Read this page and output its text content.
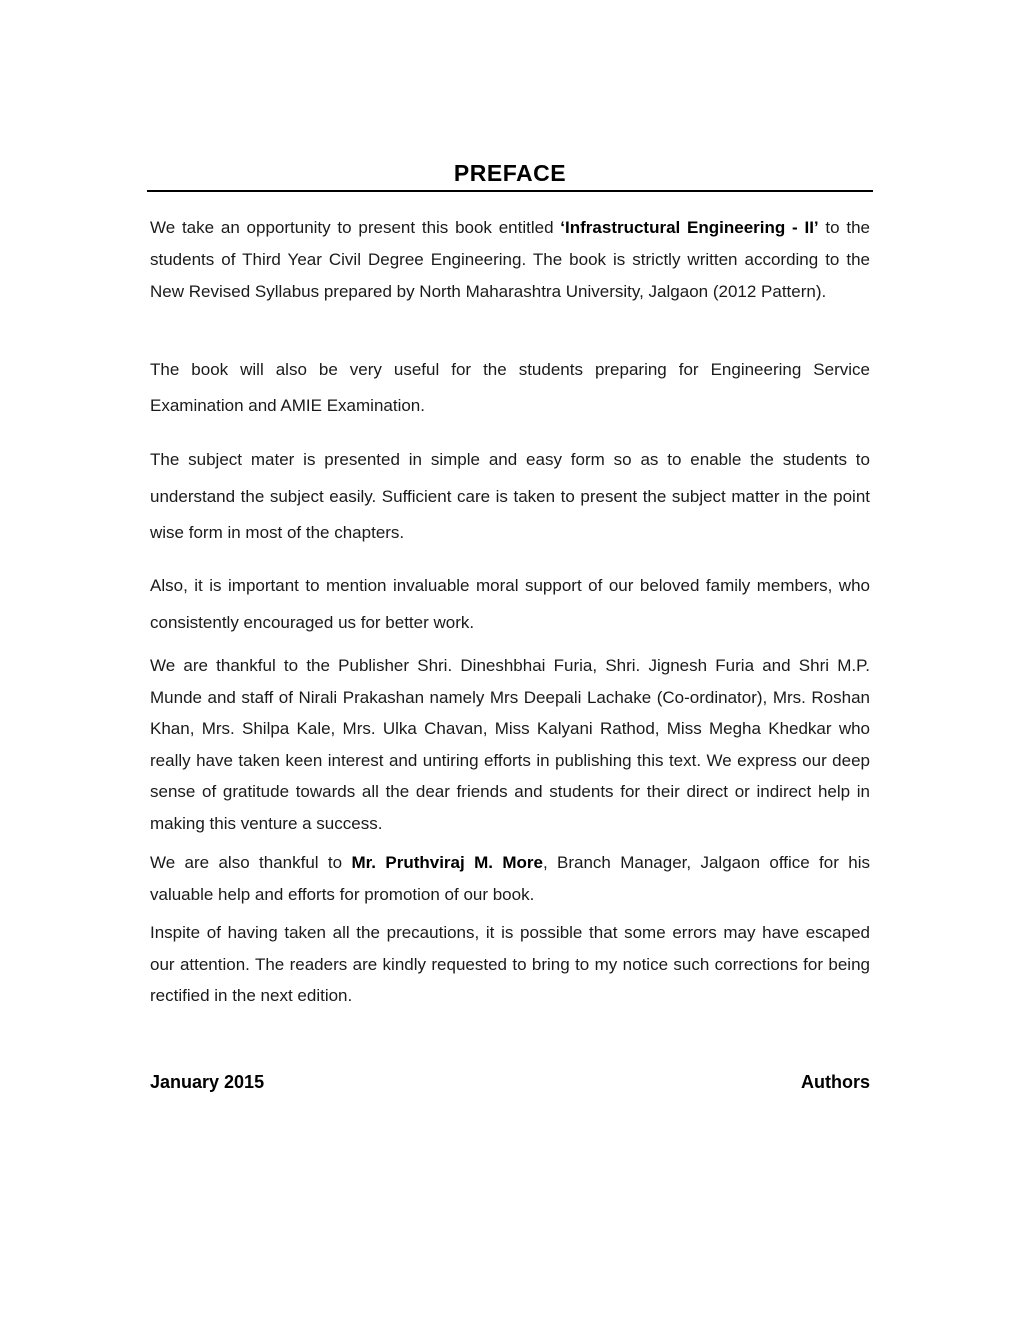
PREFACE

We take an opportunity to present this book entitled ‘Infrastructural Engineering - II’ to the students of Third Year Civil Degree Engineering. The book is strictly written according to the New Revised Syllabus prepared by North Maharashtra University, Jalgaon (2012 Pattern).

The book will also be very useful for the students preparing for Engineering Service Examination and AMIE Examination.

The subject mater is presented in simple and easy form so as to enable the students to understand the subject easily. Sufficient care is taken to present the subject matter in the point wise form in most of the chapters.

Also, it is important to mention invaluable moral support of our beloved family members, who consistently encouraged us for better work.

We are thankful to the Publisher Shri. Dineshbhai Furia, Shri. Jignesh Furia and Shri M.P. Munde and staff of Nirali Prakashan namely Mrs Deepali Lachake (Co-ordinator), Mrs. Roshan Khan, Mrs. Shilpa Kale, Mrs. Ulka Chavan, Miss Kalyani Rathod, Miss Megha Khedkar who really have taken keen interest and untiring efforts in publishing this text. We express our deep sense of gratitude towards all the dear friends and students for their direct or indirect help in making this venture a success.

We are also thankful to Mr. Pruthviraj M. More, Branch Manager, Jalgaon office for his valuable help and efforts for promotion of our book.

Inspite of having taken all the precautions, it is possible that some errors may have escaped our attention. The readers are kindly requested to bring to my notice such corrections for being rectified in the next edition.

January 2015	Authors
